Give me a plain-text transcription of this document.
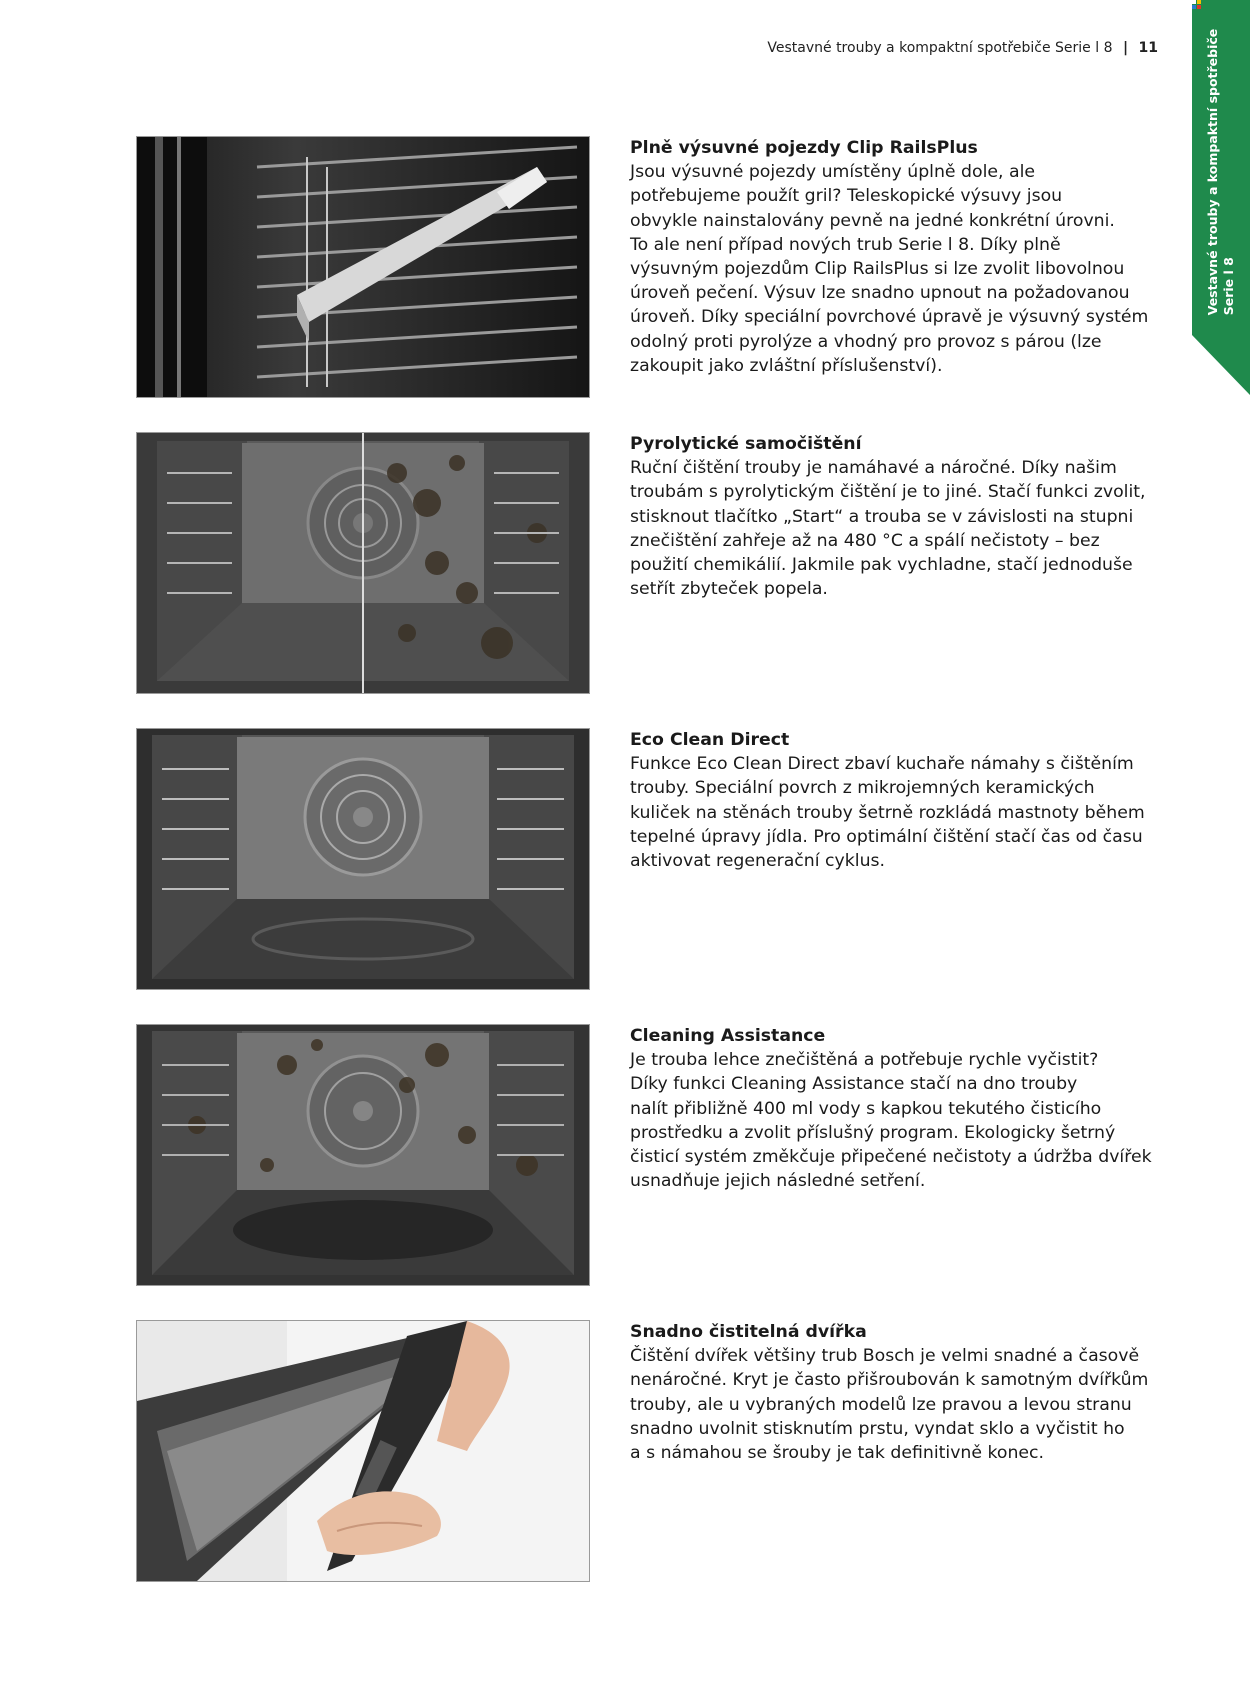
Vestavné trouby a kompaktní spotřebiče Serie l 8 | 11	Vestavné trouby a kompaktní spotřebiče Serie l 8
Plně výsuvné pojezdy Clip RailsPlus

Jsou výsuvné pojezdy umístěny úplně dole, ale
potřebujeme použít gril? Teleskopické výsuvy jsou
obvykle nainstalovány pevně na jedné konkrétní úrovni.
To ale není případ nových trub Serie l 8. Díky plně
výsuvným pojezdům Clip RailsPlus si lze zvolit libovolnou
úroveň pečení. Výsuv lze snadno upnout na požadovanou
úroveň. Díky speciální povrchové úpravě je výsuvný systém
odolný proti pyrolýze a vhodný pro provoz s párou (lze
zakoupit jako zvláštní příslušenství).

Pyrolytické samočištění

Ruční čištění trouby je namáhavé a náročné. Díky našim
troubám s pyrolytickým čištění je to jiné. Stačí funkci zvolit,
stisknout tlačítko „Start“ a trouba se v závislosti na stupni
znečištění zahřeje až na 480 °C a spálí nečistoty – bez
použití chemikálií. Jakmile pak vychladne, stačí jednoduše
setřít zbyteček popela.

Eco Clean Direct

Funkce Eco Clean Direct zbaví kuchaře námahy s čištěním
trouby. Speciální povrch z mikrojemných keramických
kuliček na stěnách trouby šetrně rozkládá mastnoty během
tepelné úpravy jídla. Pro optimální čištění stačí čas od času
aktivovat regenerační cyklus.

Cleaning Assistance

Je trouba lehce znečištěná a potřebuje rychle vyčistit?
Díky funkci Cleaning Assistance stačí na dno trouby
nalít přibližně 400 ml vody s kapkou tekutého čisticího
prostředku a zvolit příslušný program. Ekologicky šetrný
čisticí systém změkčuje připečené nečistoty a údržba dvířek
usnadňuje jejich následné setření.

Snadno čistitelná dvířka

Čištění dvířek většiny trub Bosch je velmi snadné a časově
nenáročné. Kryt je často přišroubován k samotným dvířkům
trouby, ale u vybraných modelů lze pravou a levou stranu
snadno uvolnit stisknutím prstu, vyndat sklo a vyčistit ho
a s námahou se šrouby je tak definitivně konec.
